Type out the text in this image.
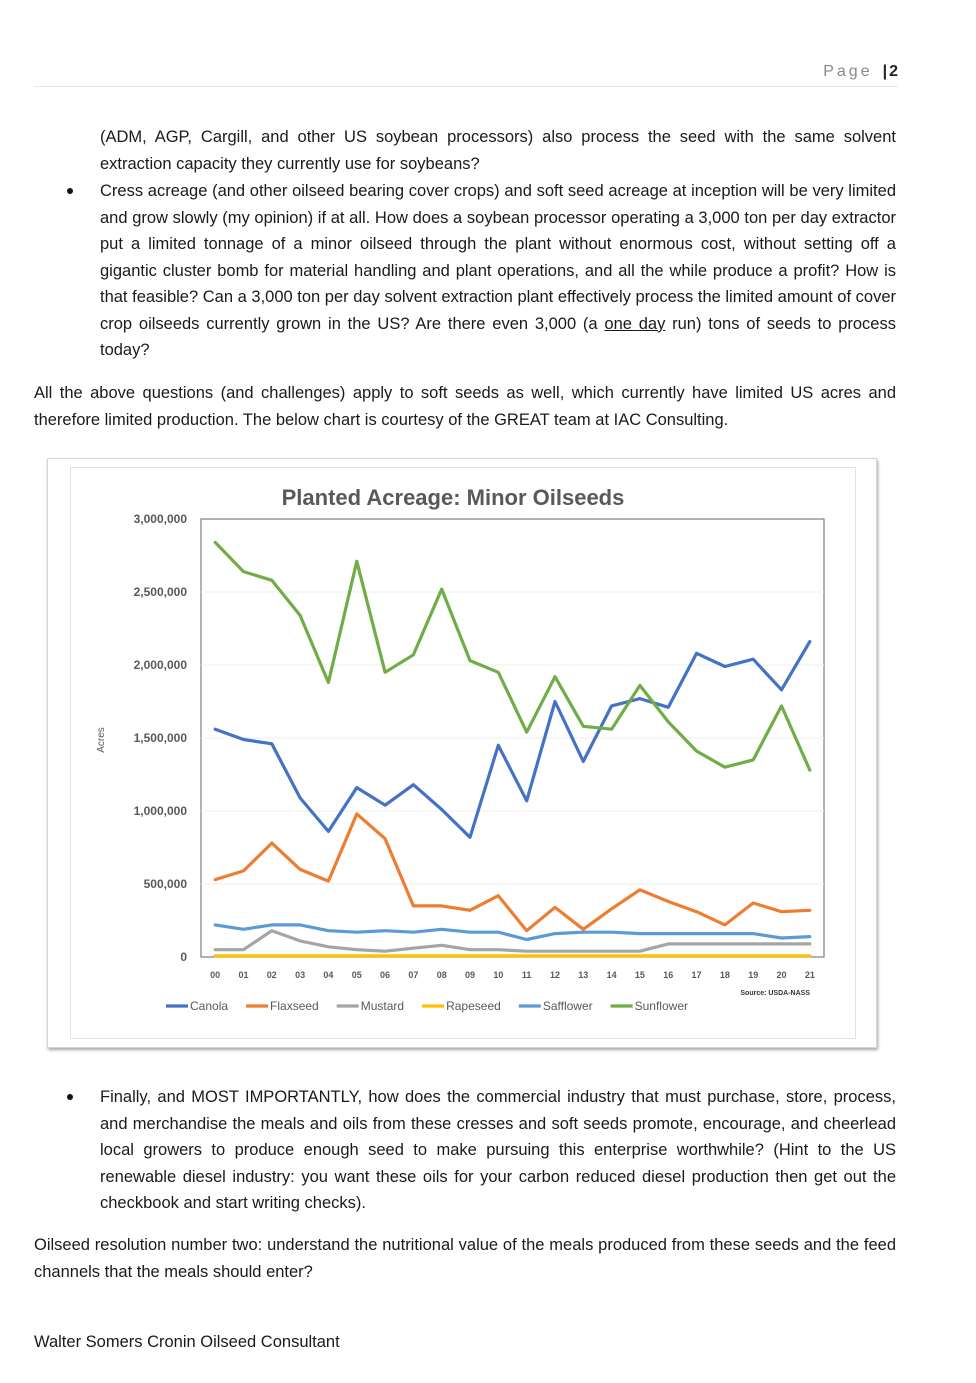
Page | 2

(ADM, AGP, Cargill, and other US soybean processors) also process the seed with the same solvent extraction capacity they currently use for soybeans?

Cress acreage (and other oilseed bearing cover crops) and soft seed acreage at inception will be very limited and grow slowly (my opinion) if at all. How does a soybean processor operating a 3,000 ton per day extractor put a limited tonnage of a minor oilseed through the plant without enormous cost, without setting off a gigantic cluster bomb for material handling and plant operations, and all the while produce a profit? How is that feasible? Can a 3,000 ton per day solvent extraction plant effectively process the limited amount of cover crop oilseeds currently grown in the US? Are there even 3,000 (a one day run) tons of seeds to process today?

All the above questions (and challenges) apply to soft seeds as well, which currently have limited US acres and therefore limited production. The below chart is courtesy of the GREAT team at IAC Consulting.

Planted Acreage: Minor Oilseeds
Acres
Source: USDA-NASS
0
500,000
1,000,000
1,500,000
2,000,000
2,500,000
3,000,000
00 01 02 03 04 05 06 07 08 09 10 11 12 13 14 15 16 17 18 19 20 21
Canola	Flaxseed	Mustard	Rapeseed	Safflower	Sunflower

Finally, and MOST IMPORTANTLY, how does the commercial industry that must purchase, store, process, and merchandise the meals and oils from these cresses and soft seeds promote, encourage, and cheerlead local growers to produce enough seed to make pursuing this enterprise worthwhile? (Hint to the US renewable diesel industry: you want these oils for your carbon reduced diesel production then get out the checkbook and start writing checks).

Oilseed resolution number two: understand the nutritional value of the meals produced from these seeds and the feed channels that the meals should enter?

Walter Somers Cronin Oilseed Consultant
